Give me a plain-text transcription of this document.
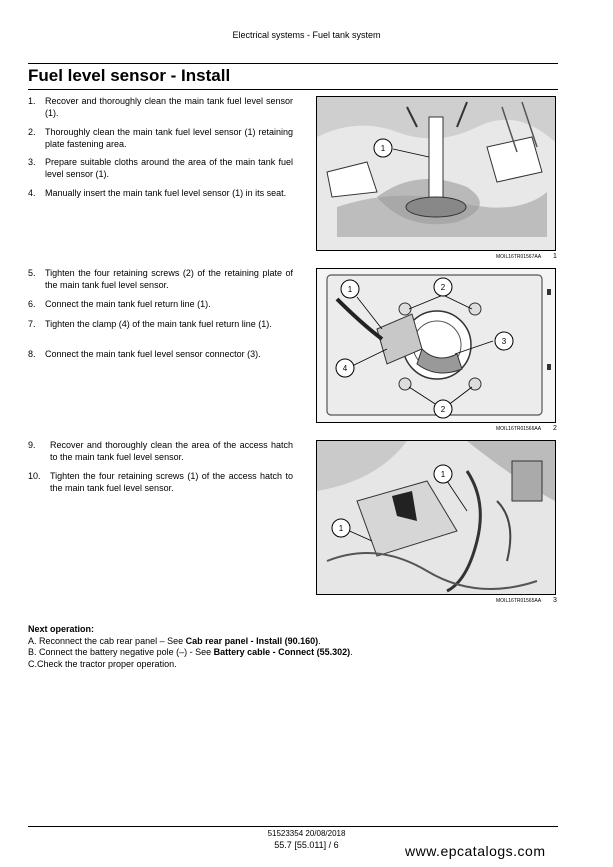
Electrical systems - Fuel tank system
Fuel level sensor - Install
1. Recover and thoroughly clean the main tank fuel level sensor (1).
2. Thoroughly clean the main tank fuel level sensor (1) retaining plate fastening area.
3. Prepare suitable cloths around the area of the main tank fuel level sensor (1).
4. Manually insert the main tank fuel level sensor (1) in its seat.
1
MOIL16TR01567AA 1
5. Tighten the four retaining screws (2) of the retaining plate of the main tank fuel level sensor.
6. Connect the main tank fuel return line (1).
7. Tighten the clamp (4) of the main tank fuel return line (1).
8. Connect the main tank fuel level sensor connector (3).
1	2
3
4
2
MOIL16TR01566AA 2
9. Recover and thoroughly clean the area of the access hatch to the main tank fuel level sensor.
10. Tighten the four retaining screws (1) of the access hatch to the main tank fuel level sensor.
1
1
MOIL16TR01565AA 3
Next operation:
A. Reconnect the cab rear panel – See Cab rear panel - Install (90.160).
B. Connect the battery negative pole (–) - See Battery cable - Connect (55.302).
C.Check the tractor proper operation.
51523354 20/08/2018
55.7 [55.011] / 6	www.epcatalogs.com
